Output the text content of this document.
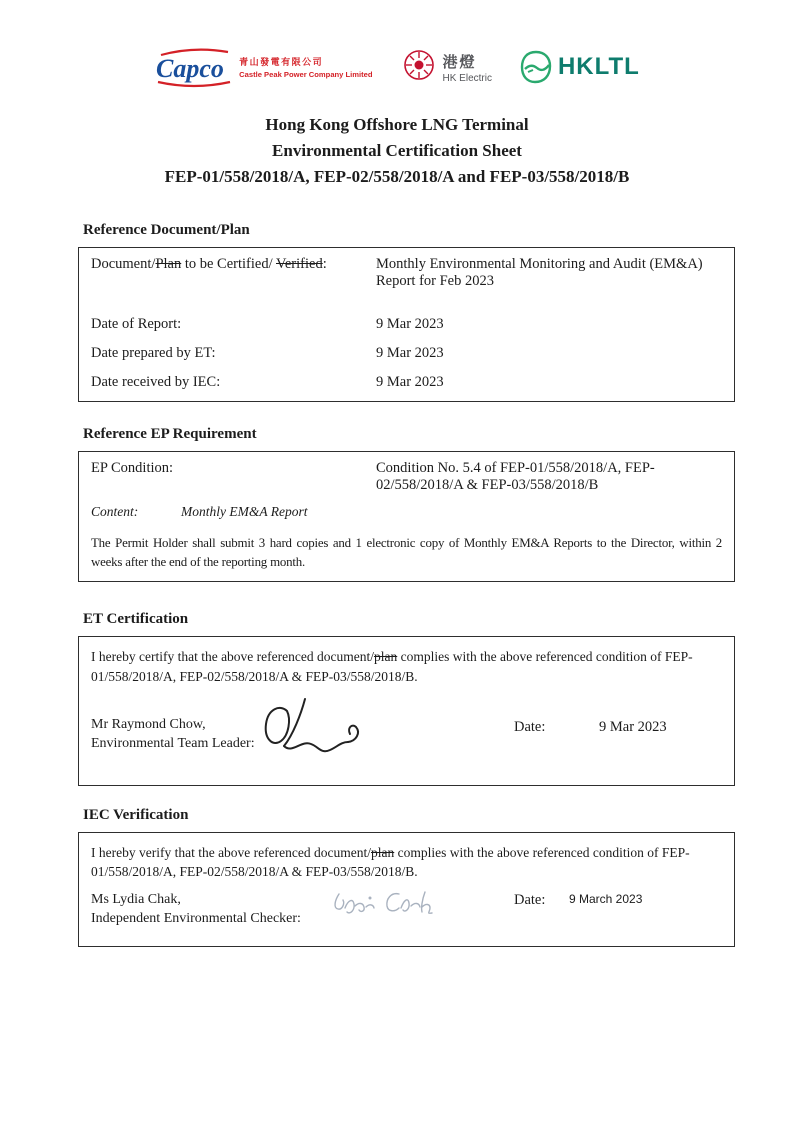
Capco 青山發電有限公司
Castle Peak Power Company Limited
港燈
HK Electric	HKLTL
Hong Kong Offshore LNG Terminal
Environmental Certification Sheet
FEP-01/558/2018/A, FEP-02/558/2018/A and FEP-03/558/2018/B
Reference Document/Plan
Document/Plan to be Certified/ Verified:	Monthly Environmental Monitoring and Audit (EM&A) Report for Feb 2023
Date of Report:	9 Mar 2023
Date prepared by ET:	9 Mar 2023
Date received by IEC:	9 Mar 2023
Reference EP Requirement
EP Condition:	Condition No. 5.4 of FEP-01/558/2018/A, FEP-02/558/2018/A & FEP-03/558/2018/B
Content:	Monthly EM&A Report
The Permit Holder shall submit 3 hard copies and 1 electronic copy of Monthly EM&A Reports to the Director, within 2 weeks after the end of the reporting month.
ET Certification
I hereby certify that the above referenced document/plan complies with the above referenced condition of FEP-01/558/2018/A, FEP-02/558/2018/A & FEP-03/558/2018/B.
Mr Raymond Chow,
Environmental Team Leader:
Date:	9 Mar 2023
IEC Verification
I hereby verify that the above referenced document/plan complies with the above referenced condition of FEP-01/558/2018/A, FEP-02/558/2018/A & FEP-03/558/2018/B.
Ms Lydia Chak,
Independent Environmental Checker:
Date: 9 March 2023
